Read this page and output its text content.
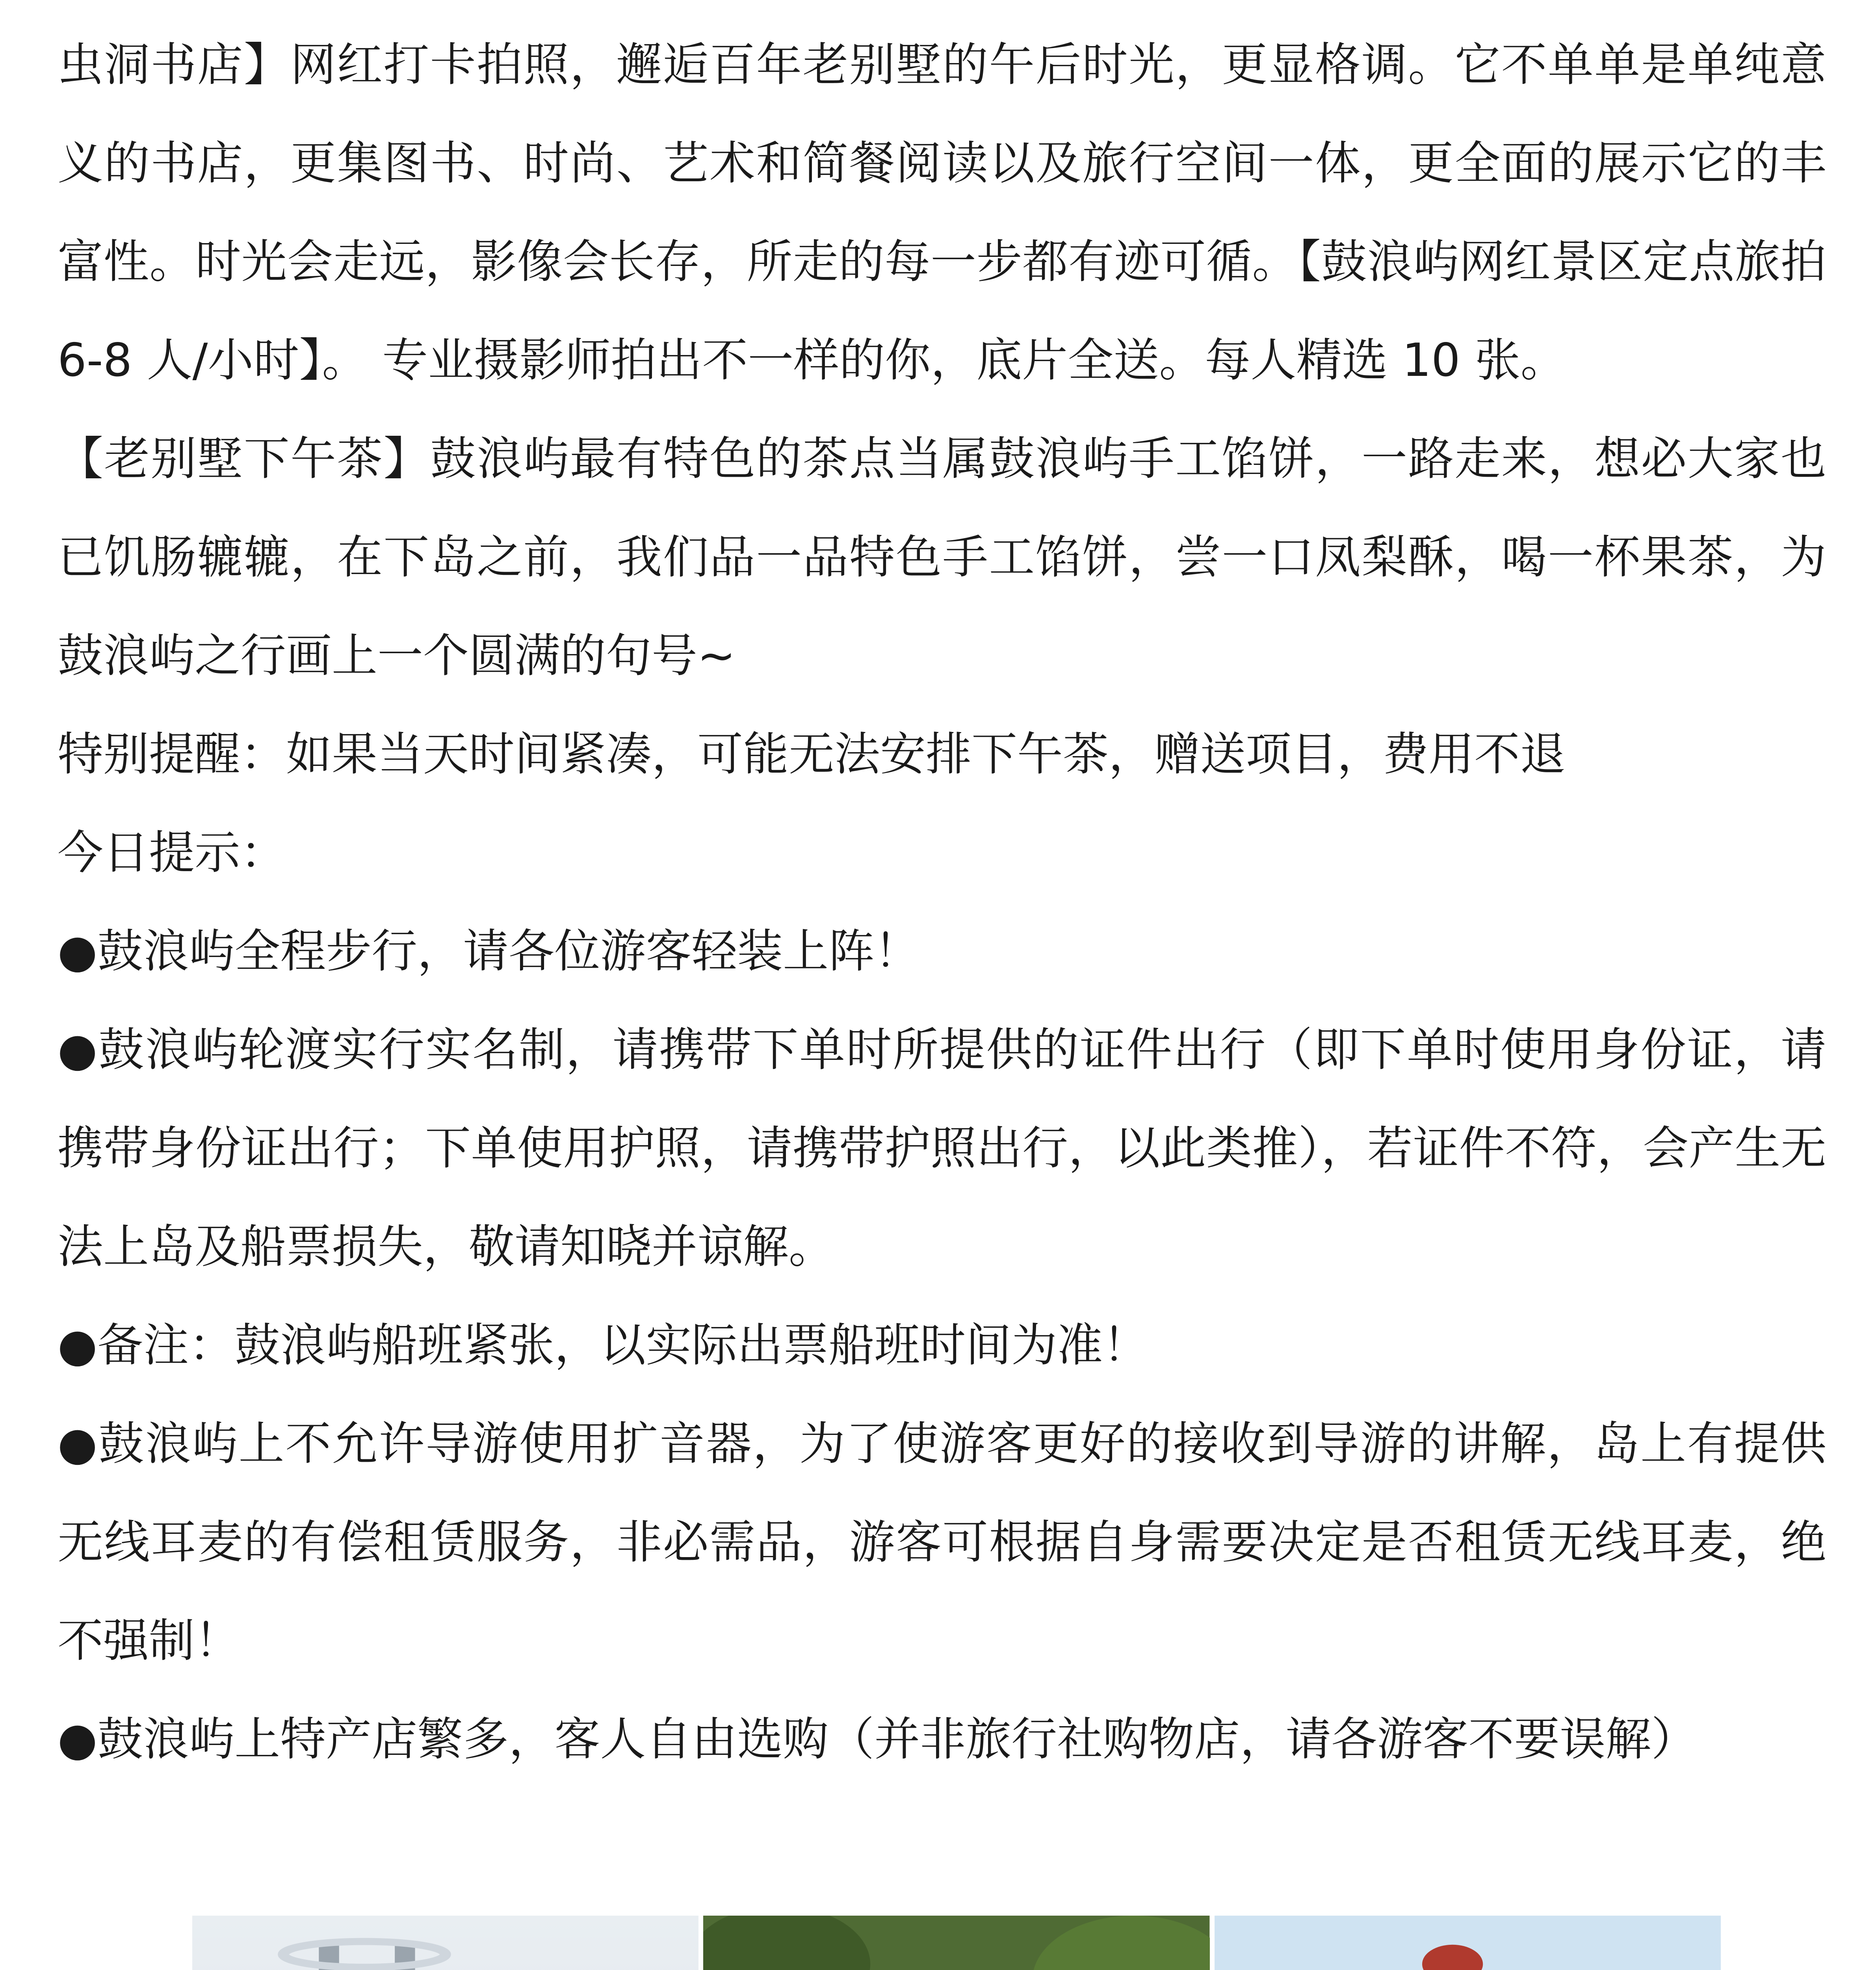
虫洞书店】网红打卡拍照，邂逅百年老别墅的午后时光，更显格调。它不单单是单纯意义的书店，更集图书、时尚、艺术和简餐阅读以及旅行空间一体，更全面的展示它的丰富性。时光会走远，影像会长存，所走的每一步都有迹可循。【鼓浪屿网红景区定点旅拍 6-8 人/小时】。 专业摄影师拍出不一样的你，底片全送。每人精选 10 张。

【老别墅下午茶】鼓浪屿最有特色的茶点当属鼓浪屿手工馅饼，一路走来，想必大家也已饥肠辘辘，在下岛之前，我们品一品特色手工馅饼，尝一口凤梨酥，喝一杯果茶，为鼓浪屿之行画上一个圆满的句号~

特别提醒：如果当天时间紧凑，可能无法安排下午茶，赠送项目，费用不退

今日提示：

●鼓浪屿全程步行，请各位游客轻装上阵！

●鼓浪屿轮渡实行实名制，请携带下单时所提供的证件出行（即下单时使用身份证，请携带身份证出行；下单使用护照，请携带护照出行，以此类推），若证件不符，会产生无法上岛及船票损失，敬请知晓并谅解。

●备注：鼓浪屿船班紧张，以实际出票船班时间为准！

●鼓浪屿上不允许导游使用扩音器，为了使游客更好的接收到导游的讲解，岛上有提供无线耳麦的有偿租赁服务，非必需品，游客可根据自身需要决定是否租赁无线耳麦，绝不强制！

●鼓浪屿上特产店繁多，客人自由选购（并非旅行社购物店，请各游客不要误解）
